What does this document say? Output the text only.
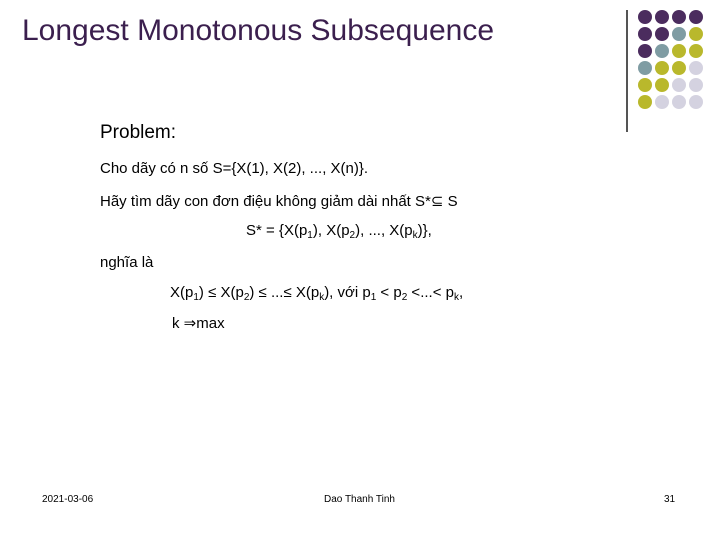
Longest Monotonous Subsequence
Problem:
Cho dãy có n số S={X(1), X(2), ..., X(n)}.
Hãy tìm dãy con đơn điệu không giảm dài nhất S*⊆ S
$S* = \{X(p_1)$, $X(p_2)$, ..., $X(p_k)$},
nghĩa là
$X(p_1) \le X(p_2)$ ≤ ...≤ $X(p_k)$, với $p_1 < p_2$ <...< $p_k$,
k ⇒max
2021-03-06	Dao Thanh Tinh	31
